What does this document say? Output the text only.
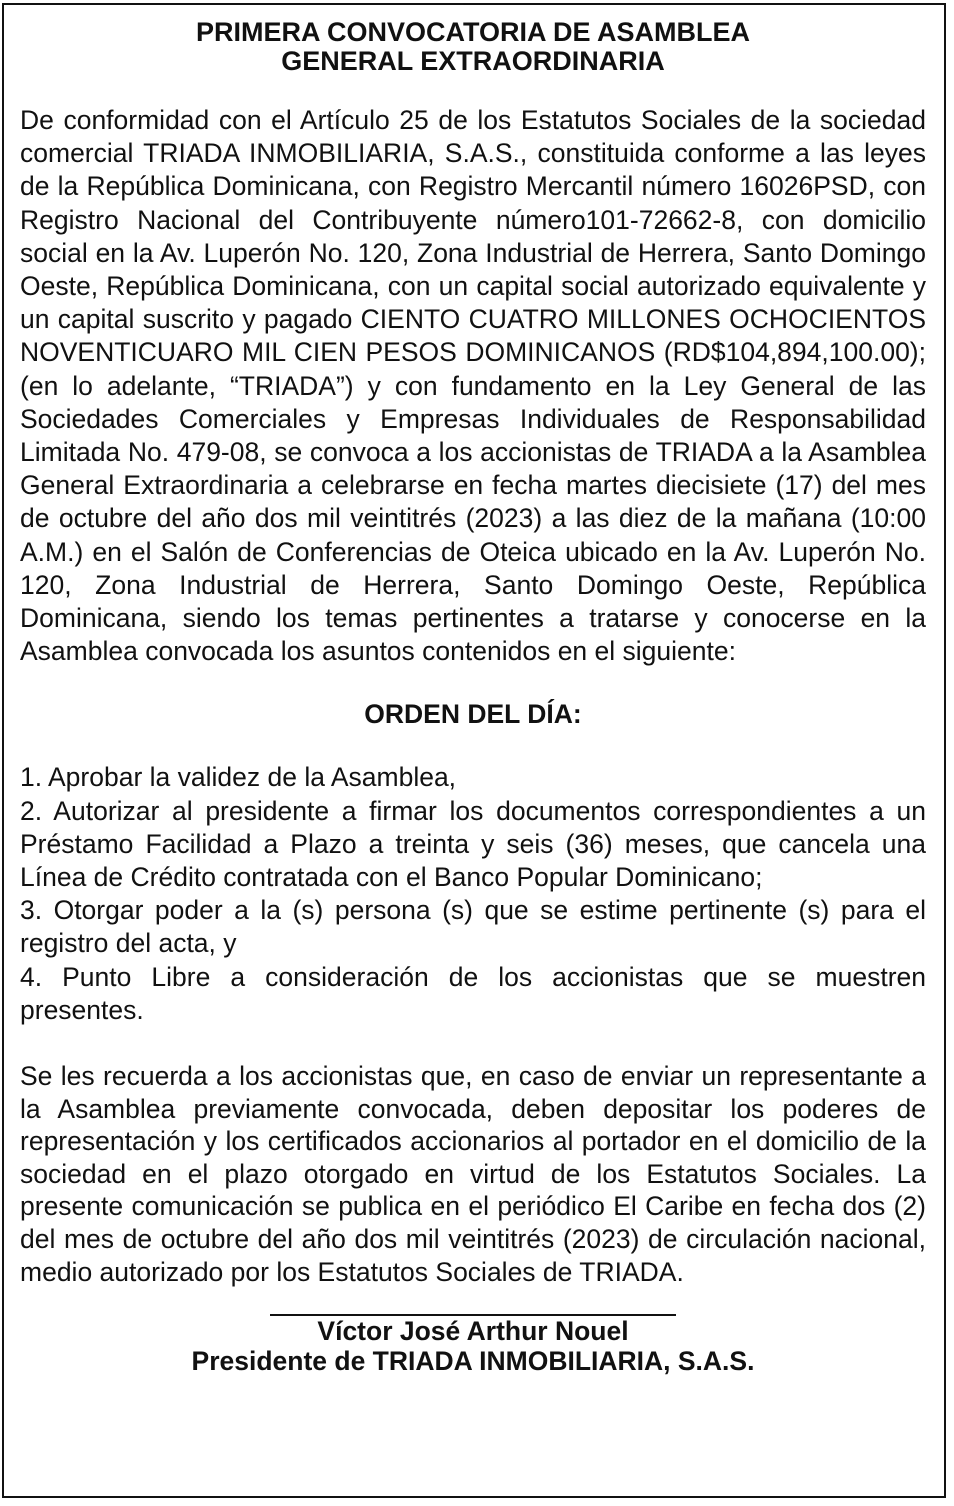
PRIMERA CONVOCATORIA DE ASAMBLEA

GENERAL EXTRAORDINARIA

De conformidad con el Artículo 25 de los Estatutos Sociales de la sociedad comercial TRIADA INMOBILIARIA, S.A.S., constituida conforme a las leyes de la República Dominicana, con Registro Mercantil número 16026PSD, con Registro Nacional del Contribuyente número101-72662-8, con domicilio social en la Av. Luperón No. 120, Zona Industrial de Herrera, Santo Domingo Oeste, República Dominicana, con un capital social autorizado equivalente y un capital suscrito y pagado CIENTO CUATRO MILLONES OCHOCIENTOS NOVENTICUARO MIL CIEN PESOS DOMINICANOS (RD$104,894,100.00); (en lo adelante, “TRIADA”) y con fundamento en la Ley General de las Sociedades Comerciales y Empresas Individuales de Responsabilidad Limitada No. 479-08, se convoca a los accionistas de TRIADA a la Asamblea General Extraordinaria a celebrarse en fecha martes diecisiete (17) del mes de octubre del año dos mil veintitrés (2023) a las diez de la mañana (10:00 A.M.) en el Salón de Conferencias de Oteica ubicado en la Av. Luperón No. 120, Zona Industrial de Herrera, Santo Domingo Oeste, República Dominicana, siendo los temas pertinentes a tratarse y conocerse en la Asamblea convocada los asuntos contenidos en el siguiente:

ORDEN DEL DÍA:

1. Aprobar la validez de la Asamblea,
2. Autorizar al presidente a firmar los documentos correspondientes a un Préstamo Facilidad a Plazo a treinta y seis (36) meses, que cancela una Línea de Crédito contratada con el Banco Popular Dominicano;
3. Otorgar poder a la (s) persona (s) que se estime pertinente (s) para el registro del acta, y
4. Punto Libre a consideración de los accionistas que se muestren presentes.

Se les recuerda a los accionistas que, en caso de enviar un representante a la Asamblea previamente convocada, deben depositar los poderes de representación y los certificados accionarios al portador en el domicilio de la sociedad en el plazo otorgado en virtud de los Estatutos Sociales. La presente comunicación se publica en el periódico El Caribe en fecha dos (2) del mes de octubre del año dos mil veintitrés (2023) de circulación nacional, medio autorizado por los Estatutos Sociales de TRIADA.

Víctor José Arthur Nouel

Presidente de TRIADA INMOBILIARIA, S.A.S.
